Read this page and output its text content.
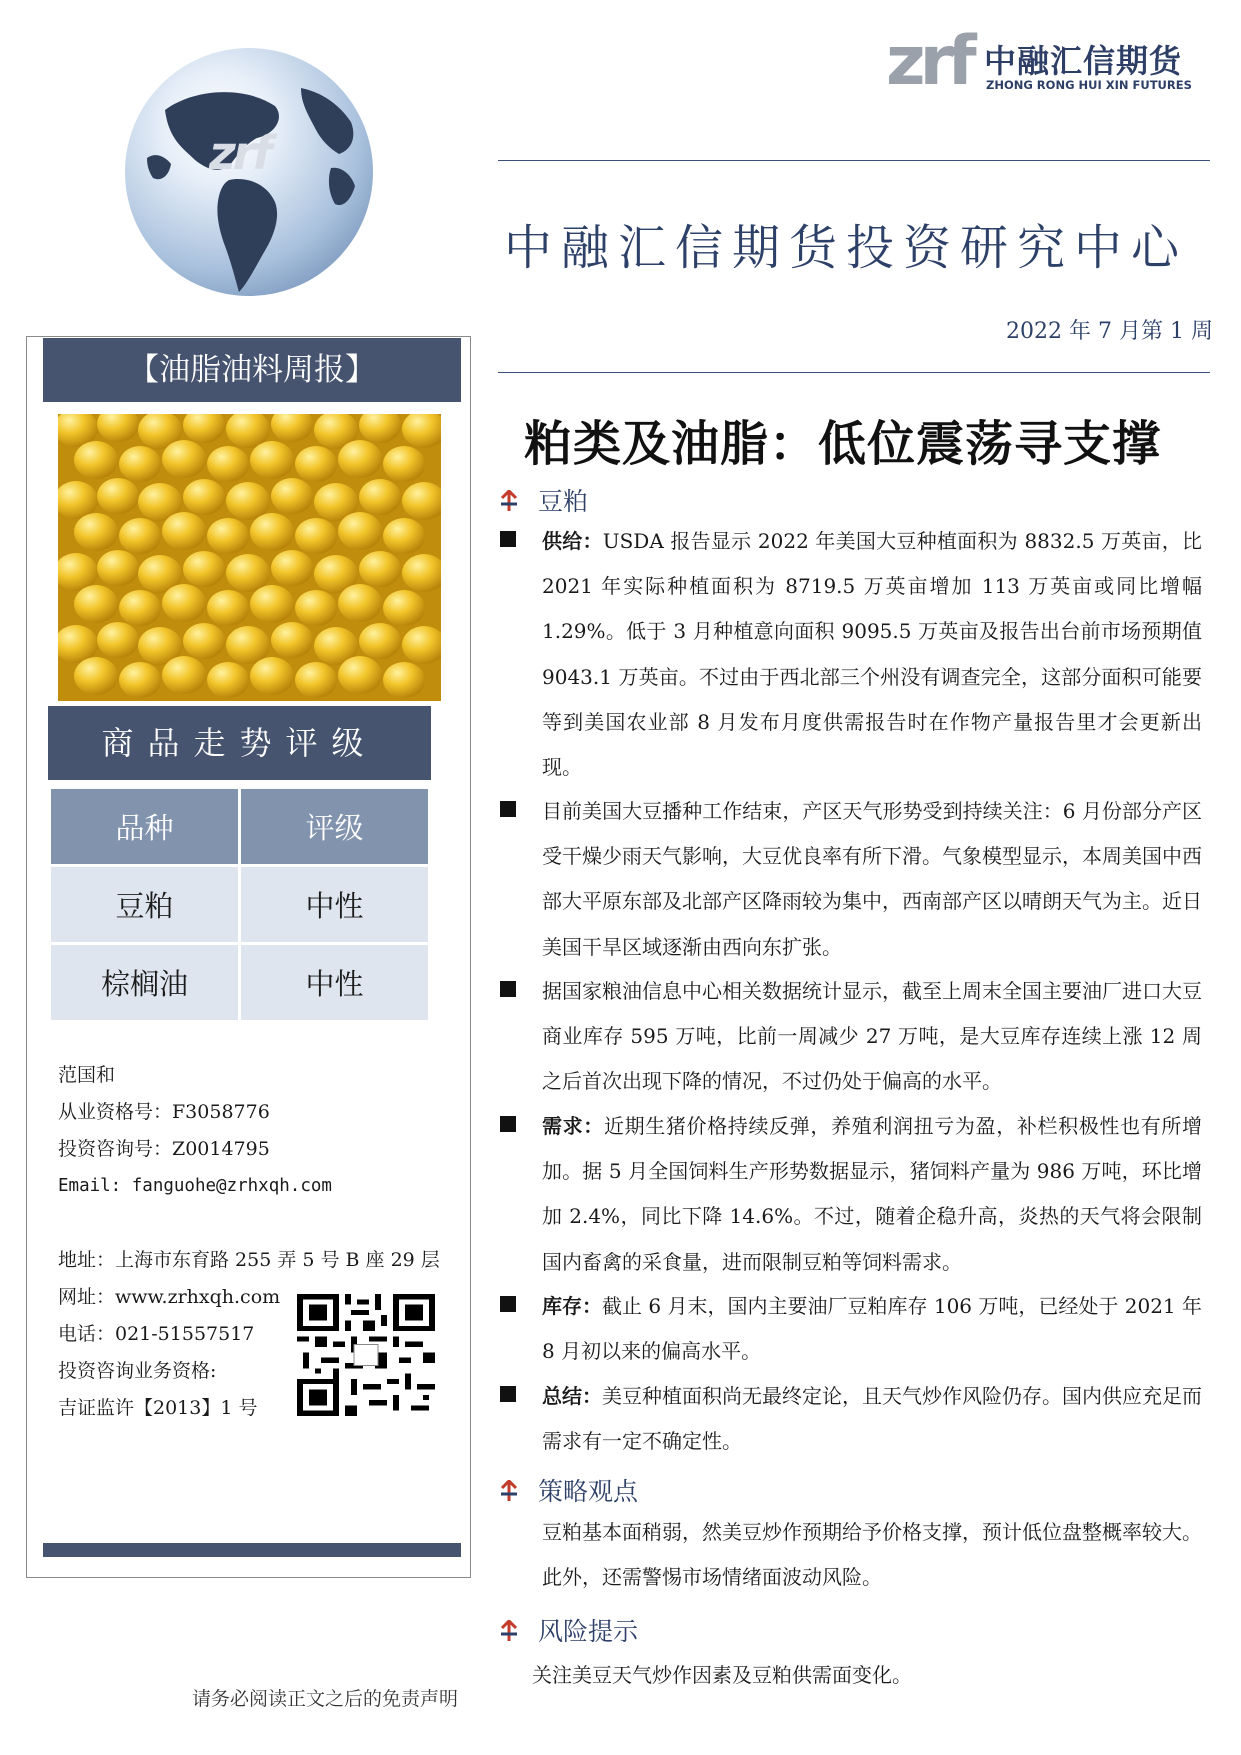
zrf
zrf 中融汇信期货
ZHONG RONG HUI XIN FUTURES
中融汇信期货投资研究中心
2022 年 7 月第 1 周
【油脂油料周报】
商品走势评级
品种	评级
豆粕	中性
棕榈油	中性
范国和
从业资格号：F3058776
投资咨询号：Z0014795
Email: fanguohe@zrhxqh.com
地址：上海市东育路 255 弄 5 号 B 座 29 层
网址：www.zrhxqh.com
电话：021-51557517
投资咨询业务资格:
吉证监许【2013】1 号
粕类及油脂：低位震荡寻支撑
豆粕
供给：USDA 报告显示 2022 年美国大豆种植面积为 8832.5 万英亩，比 2021 年实际种植面积为 8719.5 万英亩增加 113 万英亩或同比增幅 1.29%。低于 3 月种植意向面积 9095.5 万英亩及报告出台前市场预期值 9043.1 万英亩。不过由于西北部三个州没有调查完全，这部分面积可能要等到美国农业部 8 月发布月度供需报告时在作物产量报告里才会更新出现。
目前美国大豆播种工作结束，产区天气形势受到持续关注：6 月份部分产区受干燥少雨天气影响，大豆优良率有所下滑。气象模型显示，本周美国中西部大平原东部及北部产区降雨较为集中，西南部产区以晴朗天气为主。近日美国干旱区域逐渐由西向东扩张。
据国家粮油信息中心相关数据统计显示，截至上周末全国主要油厂进口大豆商业库存 595 万吨，比前一周减少 27 万吨，是大豆库存连续上涨 12 周之后首次出现下降的情况，不过仍处于偏高的水平。
需求：近期生猪价格持续反弹，养殖利润扭亏为盈，补栏积极性也有所增加。据 5 月全国饲料生产形势数据显示，猪饲料产量为 986 万吨，环比增加 2.4%，同比下降 14.6%。不过，随着企稳升高，炎热的天气将会限制国内畜禽的采食量，进而限制豆粕等饲料需求。
库存：截止 6 月末，国内主要油厂豆粕库存 106 万吨，已经处于 2021 年 8 月初以来的偏高水平。
总结：美豆种植面积尚无最终定论，且天气炒作风险仍存。国内供应充足而需求有一定不确定性。
策略观点
豆粕基本面稍弱，然美豆炒作预期给予价格支撑，预计低位盘整概率较大。此外，还需警惕市场情绪面波动风险。
风险提示
关注美豆天气炒作因素及豆粕供需面变化。
请务必阅读正文之后的免责声明
